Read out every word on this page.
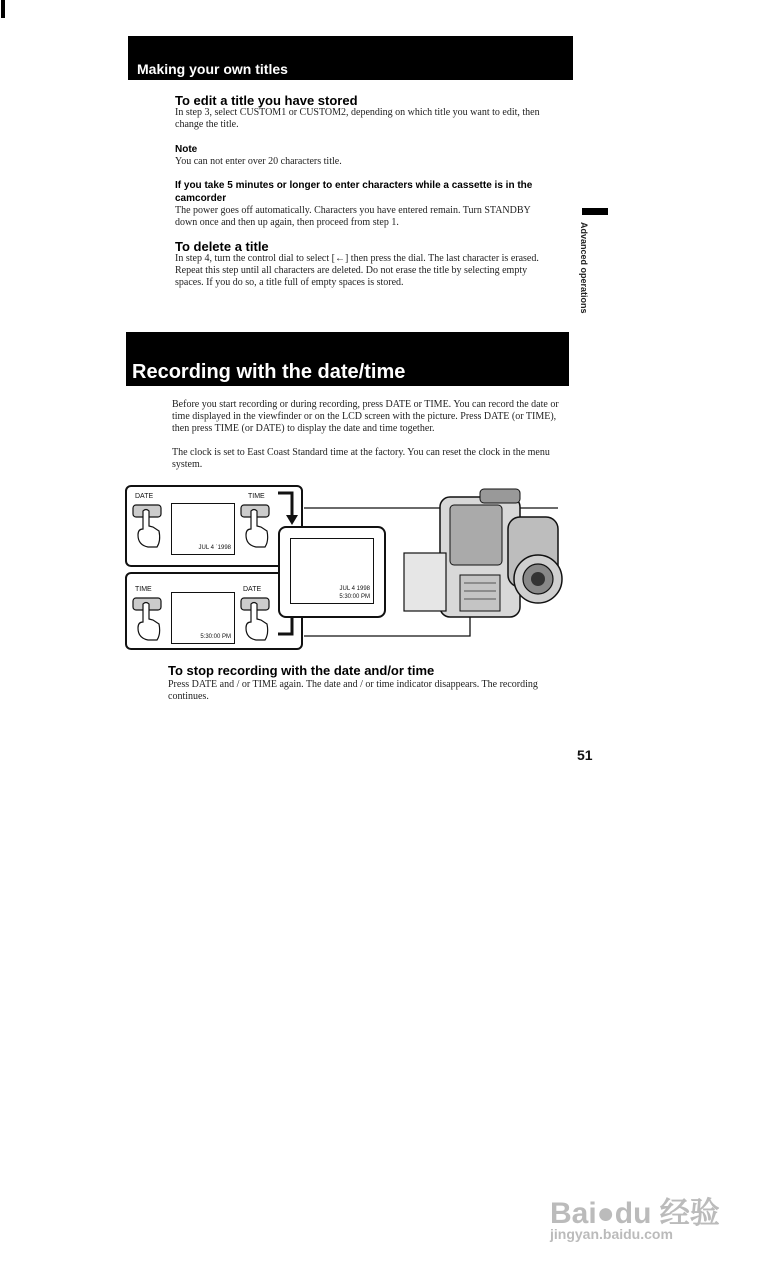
Making your own titles
To edit a title you have stored
In step 3, select CUSTOM1 or CUSTOM2, depending on which title you want to edit, then change the title.
Note
You can not enter over 20 characters title.
If you take 5 minutes or longer to enter characters while a cassette is in the
camcorder
The power goes off automatically. Characters you have entered remain. Turn STANDBY down once and then up again, then proceed from step 1.
To delete a title
In step 4, turn the control dial to select [←] then press the dial. The last character is erased. Repeat this step until all characters are deleted. Do not erase the title by selecting empty spaces. If you do so, a title full of empty spaces is stored.	Advanced operations
Recording with the date/time
Before you start recording or during recording, press DATE or TIME. You can record the date or time displayed in the viewfinder or on the LCD screen with the picture. Press DATE (or TIME), then press TIME (or DATE) to display the date and time together.
The clock is set to East Coast Standard time at the factory. You can reset the clock in the menu system.
DATE	TIME
JUL 4 ˙1998
TIME	DATE
5:30:00 PM
JUL 4 1998
5:30:00 PM
To stop recording with the date and/or time
Press DATE and / or TIME again. The date and / or time indicator disappears. The recording continues.
51
Bai●du 经验
jingyan.baidu.com
